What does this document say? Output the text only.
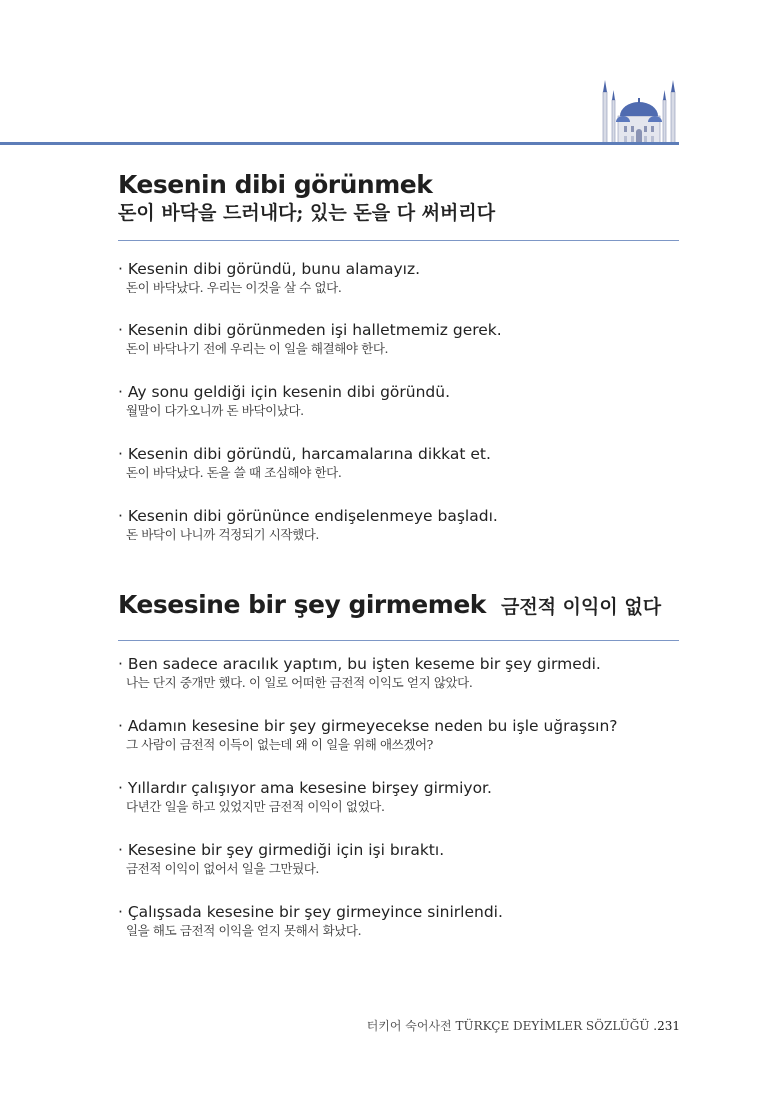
Kesenin dibi görünmek
돈이 바닥을 드러내다; 있는 돈을 다 써버리다
· Kesenin dibi göründü, bunu alamayız.
돈이 바닥났다. 우리는 이것을 살 수 없다.
· Kesenin dibi görünmeden işi halletmemiz gerek.
돈이 바닥나기 전에 우리는 이 일을 해결해야 한다.
· Ay sonu geldiği için kesenin dibi göründü.
월말이 다가오니까 돈 바닥이났다.
· Kesenin dibi göründü, harcamalarına dikkat et.
돈이 바닥났다. 돈을 쓸 때 조심해야 한다.
· Kesenin dibi görününce endişelenmeye başladı.
돈 바닥이 나니까 걱정되기 시작했다.
Kesesine bir şey girmemek 금전적 이익이 없다
· Ben sadece aracılık yaptım, bu işten keseme bir şey girmedi.
나는 단지 중개만 했다. 이 일로 어떠한 금전적 이익도 얻지 않았다.
· Adamın kesesine bir şey girmeyecekse neden bu işle uğraşsın?
그 사람이 금전적 이득이 없는데 왜 이 일을 위해 애쓰겠어?
· Yıllardır çalışıyor ama kesesine birşey girmiyor.
다년간 일을 하고 있었지만 금전적 이익이 없었다.
· Kesesine bir şey girmediği için işi bıraktı.
금전적 이익이 없어서 일을 그만뒀다.
· Çalışsada kesesine bir şey girmeyince sinirlendi.
일을 해도 금전적 이익을 얻지 못해서 화났다.
터키어 숙어사전 TÜRKÇE DEYİMLER SÖZLÜĞÜ .231
